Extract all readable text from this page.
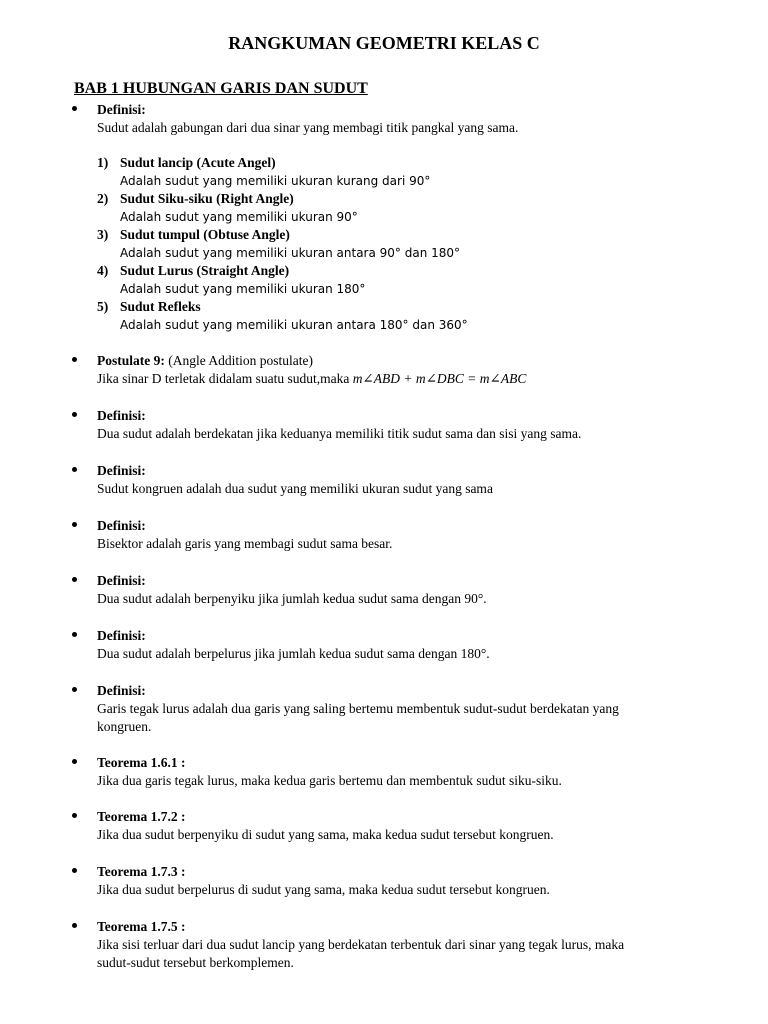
RANGKUMAN GEOMETRI KELAS C
BAB 1 HUBUNGAN GARIS DAN SUDUT
Definisi:
Sudut adalah gabungan dari dua sinar yang membagi titik pangkal yang sama.
1) Sudut lancip (Acute Angel)
Adalah sudut yang memiliki ukuran kurang dari 90°
2) Sudut Siku-siku (Right Angle)
Adalah sudut yang memiliki ukuran 90°
3) Sudut tumpul (Obtuse Angle)
Adalah sudut yang memiliki ukuran antara 90° dan 180°
4) Sudut Lurus (Straight Angle)
Adalah sudut yang memiliki ukuran 180°
5) Sudut Refleks
Adalah sudut yang memiliki ukuran antara 180° dan 360°
Postulate 9: (Angle Addition postulate)
Jika sinar D terletak didalam suatu sudut,maka m∠ABD + m∠DBC = m∠ABC
Definisi:
Dua sudut adalah berdekatan jika keduanya memiliki titik sudut sama dan sisi yang sama.
Definisi:
Sudut kongruen adalah dua sudut yang memiliki ukuran sudut yang sama
Definisi:
Bisektor adalah garis yang membagi sudut sama besar.
Definisi:
Dua sudut adalah berpenyiku jika jumlah kedua sudut sama dengan 90°.
Definisi:
Dua sudut adalah berpelurus jika jumlah kedua sudut sama dengan 180°.
Definisi:
Garis tegak lurus adalah dua garis yang saling bertemu membentuk sudut-sudut berdekatan yang
kongruen.
Teorema 1.6.1 :
Jika dua garis tegak lurus, maka kedua garis bertemu dan membentuk sudut siku-siku.
Teorema 1.7.2 :
Jika dua sudut berpenyiku di sudut yang sama, maka kedua sudut tersebut kongruen.
Teorema 1.7.3 :
Jika dua sudut berpelurus di sudut yang sama, maka kedua sudut tersebut kongruen.
Teorema 1.7.5 :
Jika sisi terluar dari dua sudut lancip yang berdekatan terbentuk dari sinar yang tegak lurus, maka
sudut-sudut tersebut berkomplemen.
